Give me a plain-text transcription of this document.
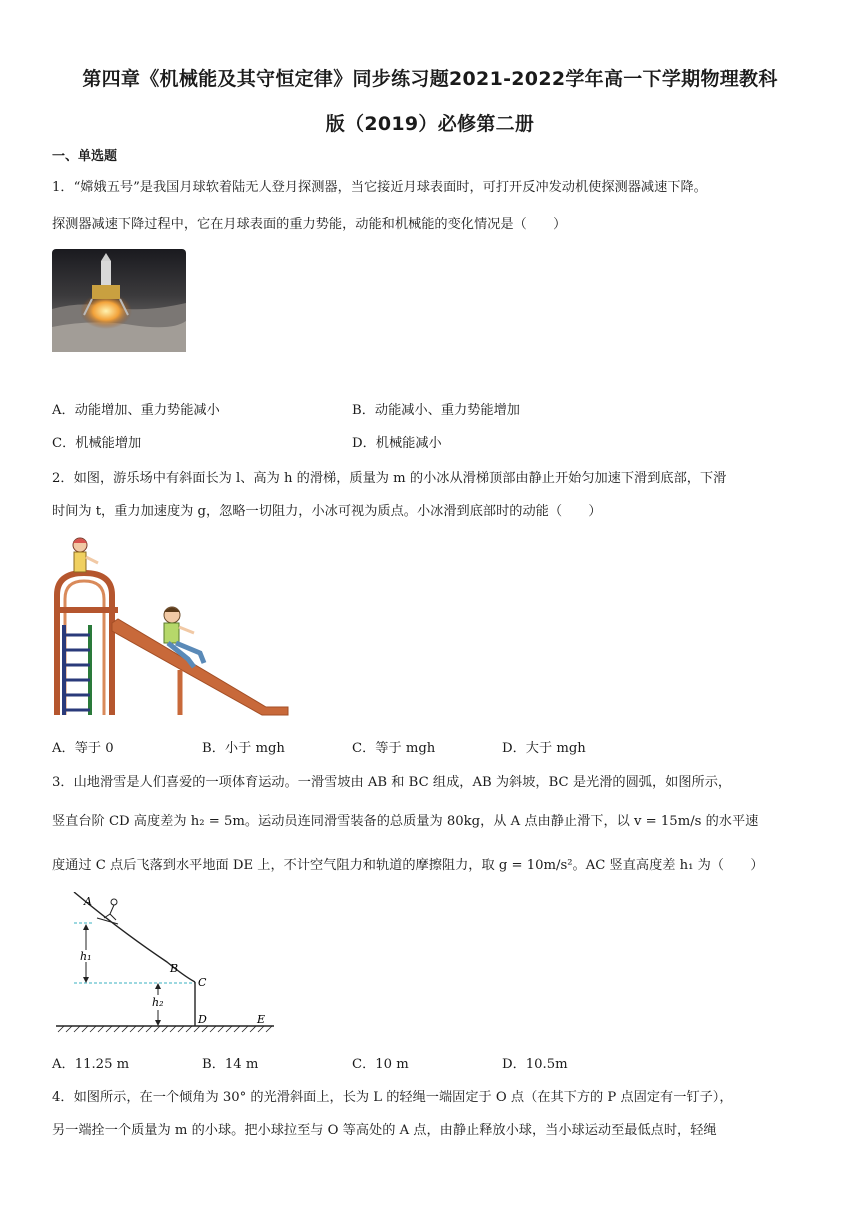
第四章《机械能及其守恒定律》同步练习题2021-2022学年高一下学期物理教科
版（2019）必修第二册
一、单选题
1．“嫦娥五号”是我国月球软着陆无人登月探测器，当它接近月球表面时，可打开反冲发动机使探测器减速下降。
探测器减速下降过程中，它在月球表面的重力势能，动能和机械能的变化情况是（　　）
A．动能增加、重力势能减小	B．动能减小、重力势能增加
C．机械能增加	D．机械能减小
2．如图，游乐场中有斜面长为 l、高为 h 的滑梯，质量为 m 的小冰从滑梯顶部由静止开始匀加速下滑到底部，下滑
时间为 t，重力加速度为 g，忽略一切阻力，小冰可视为质点。小冰滑到底部时的动能（　　）
A．等于 0	B．小于 mgh	C．等于 mgh	D．大于 mgh
3．山地滑雪是人们喜爱的一项体育运动。一滑雪坡由 AB 和 BC 组成，AB 为斜坡，BC 是光滑的圆弧，如图所示，
竖直台阶 CD 高度差为 h₂ = 5m。运动员连同滑雪装备的总质量为 80kg，从 A 点由静止滑下，以 v = 15m/s 的水平速
度通过 C 点后飞落到水平地面 DE 上，不计空气阻力和轨道的摩擦阻力，取 g = 10m/s²。AC 竖直高度差 h₁ 为（　　）
A
B
C
D	E
h₁
h₂
A．11.25 m	B．14 m	C．10 m	D．10.5m
4．如图所示，在一个倾角为 30° 的光滑斜面上，长为 L 的轻绳一端固定于 O 点（在其下方的 P 点固定有一钉子），
另一端拴一个质量为 m 的小球。把小球拉至与 O 等高处的 A 点，由静止释放小球，当小球运动至最低点时，轻绳
